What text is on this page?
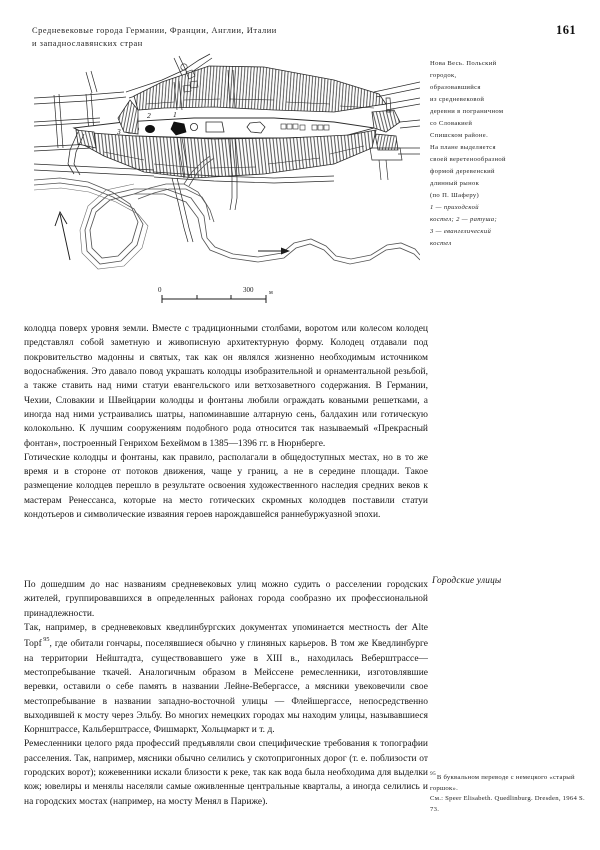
Средневековые города Германии, Франции, Англии, Италии
и западнославянских стран
161
3
2	1
0	300	м
Нова Весь. Польский
городок,
образовавшийся
из средневековой
деревни в пограничном
со Словакией
Спишском районе.
На плане выделяется
своей веретенообразной
формой деревенский
длинный рынок
(по П. Шаферу)
1 — приходской
костел; 2 — ратуша;
3 — евангелический
костел

колодца поверх уровня земли. Вместе с традиционными столбами, воротом или колесом колодец представлял собой заметную и живописную архитектурную форму. Колодец отдавали под покровительство мадонны и святых, так как он являлся жизненно необходимым источником водоснабжения. Это давало повод украшать колодцы изобразительной и орнаментальной резьбой, а также ставить над ними статуи евангельского или ветхозаветного содержания. В Германии, Чехии, Словакии и Швейцарии колодцы и фонтаны любили ограждать коваными решетками, а иногда над ними устраивались шатры, напоминавшие алтарную сень, балдахин или готическую колокольню. К лучшим сооружениям подобного рода относится так называемый «Прекрасный фонтан», построенный Генрихом Бехеймом в 1385—1396 гг. в Нюрнберге.

Готические колодцы и фонтаны, как правило, располагали в общедоступных местах, но в то же время и в стороне от потоков движения, чаще у границ, а не в середине площади. Такое размещение колодцев перешло в результате освоения художественного наследия средних веков к мастерам Ренессанса, которые на место готических скромных колодцев поставили статуи кондотьеров и символические изваяния героев нарождавшейся раннебуржуазной эпохи.

Городские улицы

По дошедшим до нас названиям средневековых улиц можно судить о расселении городских жителей, группировавшихся в определенных районах города сообразно их профессиональной принадлежности.

Так, например, в средневековых кведлинбургских документах упоминается местность der Alte Topf $^{95}$, где обитали гончары, поселявшиеся обычно у глиняных карьеров. В том же Кведлинбурге на территории Нейштадта, существовавшего уже в XIII в., находилась Веберштрассе—местопребывание ткачей. Аналогичным образом в Мейссене ремесленники, изготовлявшие веревки, оставили о себе память в названии Лейне-Вебергассе, а мясники увековечили свое местопребывание в названии западно-восточной улицы — Флейшергассе, непосредственно выходившей к мосту через Эльбу. Во многих немецких городах мы находим улицы, называвшиеся Корнштрассе, Кальберштрассе, Фишмаркт, Хольцмаркт и т. д.

Ремесленники целого ряда профессий предъявляли свои специфические требования к топографии расселения. Так, например, мясники обычно селились у скотопригонных дорог (т. е. поблизости от городских ворот); кожевенники искали близости к реке, так как вода была необходима для выделки кож; ювелиры и менялы населяли самые оживленные центральные кварталы, а иногда селились и на городских мостах (например, на мосту Менял в Париже).

$^{95}$В буквальном переводе с немецкого «старый горшок».
См.: Speer Elisabeth. Quedlinburg. Dresden, 1964 S. 73.
